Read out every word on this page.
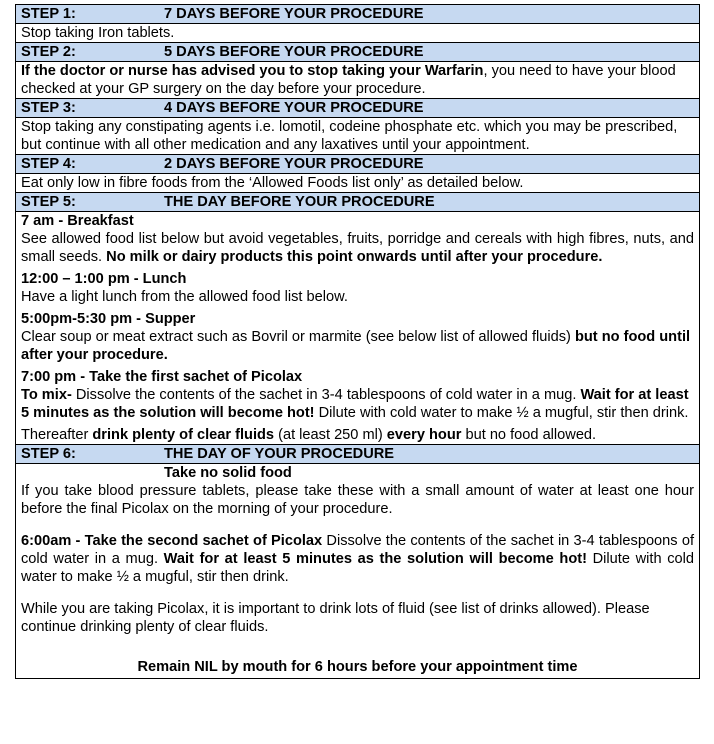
STEP 1:	7 DAYS BEFORE YOUR PROCEDURE
Stop taking Iron tablets.
STEP 2:	5 DAYS BEFORE YOUR PROCEDURE
If the doctor or nurse has advised you to stop taking your Warfarin, you need to have your blood checked at your GP surgery on the day before your procedure.
STEP 3:	4 DAYS BEFORE YOUR PROCEDURE
Stop taking any constipating agents i.e. lomotil, codeine phosphate etc. which you may be prescribed, but continue with all other medication and any laxatives until your appointment.
STEP 4:	2 DAYS BEFORE YOUR PROCEDURE
Eat only low in fibre foods from the ‘Allowed Foods list only’ as detailed below.
STEP 5:	THE DAY BEFORE YOUR PROCEDURE

7 am - Breakfast
See allowed food list below but avoid vegetables, fruits, porridge and cereals with high fibres, nuts, and small seeds. No milk or dairy products this point onwards until after your procedure.

12:00 – 1:00 pm - Lunch
Have a light lunch from the allowed food list below.

5:00pm-5:30 pm - Supper
Clear soup or meat extract such as Bovril or marmite (see below list of allowed fluids) but no food until after your procedure.

7:00 pm - Take the first sachet of Picolax
To mix- Dissolve the contents of the sachet in 3-4 tablespoons of cold water in a mug. Wait for at least 5 minutes as the solution will become hot! Dilute with cold water to make ½ a mugful, stir then drink.

Thereafter drink plenty of clear fluids (at least 250 ml) every hour but no food allowed.

STEP 6:	THE DAY OF YOUR PROCEDURE

Take no solid food

If you take blood pressure tablets, please take these with a small amount of water at least one hour before the final Picolax on the morning of your procedure.

6:00am - Take the second sachet of Picolax Dissolve the contents of the sachet in 3-4 tablespoons of cold water in a mug. Wait for at least 5 minutes as the solution will become hot! Dilute with cold water to make ½ a mugful, stir then drink.

While you are taking Picolax, it is important to drink lots of fluid (see list of drinks allowed). Please continue drinking plenty of clear fluids.

Remain NIL by mouth for 6 hours before your appointment time
